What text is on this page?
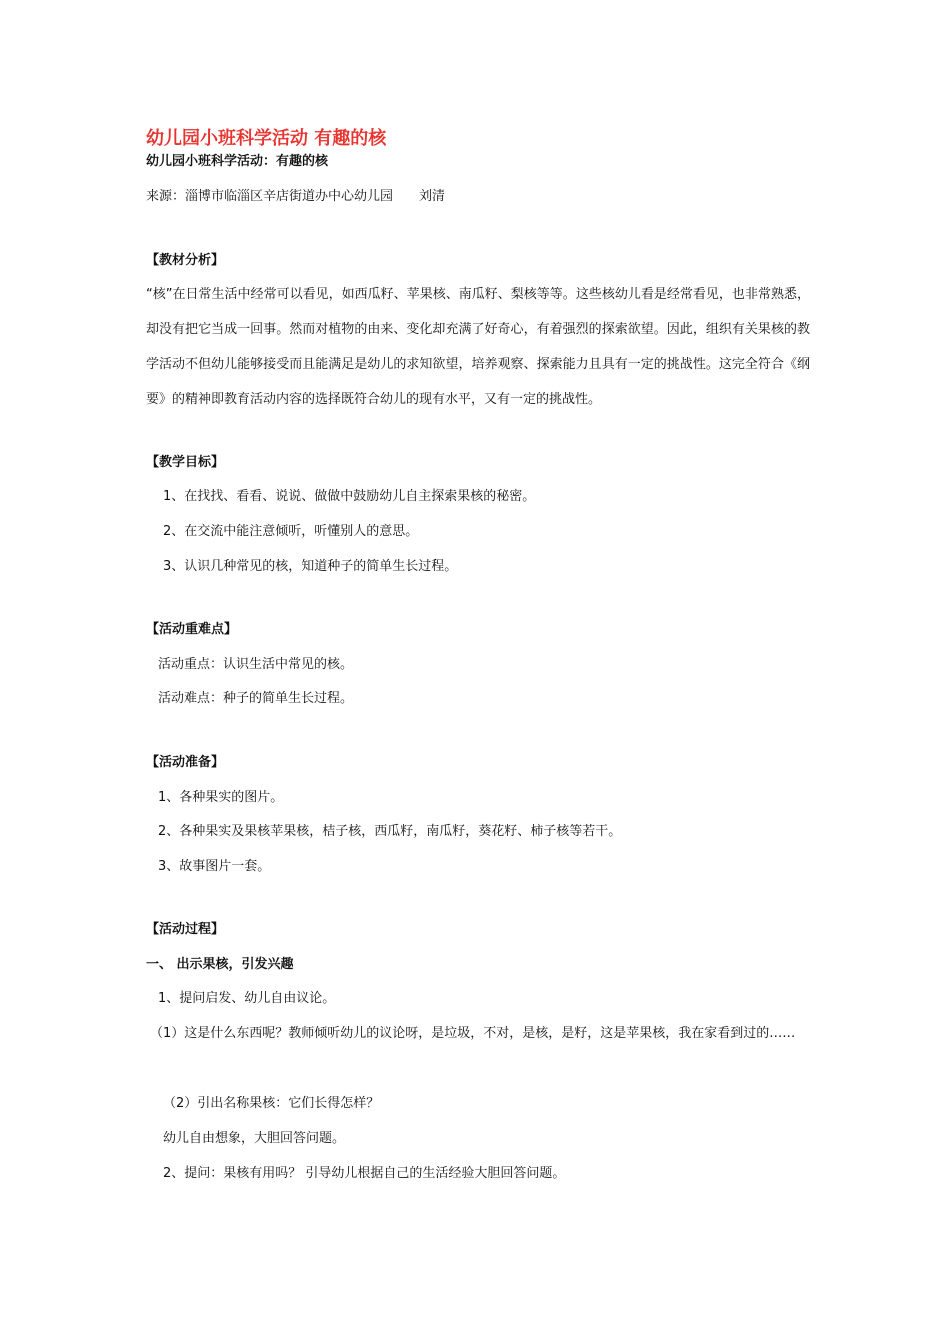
幼儿园小班科学活动 有趣的核
幼儿园小班科学活动：有趣的核
来源：淄博市临淄区辛店街道办中心幼儿园　　刘清
【教材分析】
“核”在日常生活中经常可以看见，如西瓜籽、苹果核、南瓜籽、梨核等等。这些核幼儿看是经常看见，也非常熟悉，却没有把它当成一回事。然而对植物的由来、变化却充满了好奇心，有着强烈的探索欲望。因此，组织有关果核的教学活动不但幼儿能够接受而且能满足是幼儿的求知欲望，培养观察、探索能力且具有一定的挑战性。这完全符合《纲要》的精神即教育活动内容的选择既符合幼儿的现有水平，又有一定的挑战性。
【教学目标】
1、在找找、看看、说说、做做中鼓励幼儿自主探索果核的秘密。
2、在交流中能注意倾听，听懂别人的意思。
3、认识几种常见的核，知道种子的简单生长过程。
【活动重难点】
活动重点：认识生活中常见的核。
活动难点：种子的简单生长过程。
【活动准备】
1、各种果实的图片。
2、各种果实及果核苹果核，桔子核，西瓜籽，南瓜籽，葵花籽、柿子核等若干。
3、故事图片一套。
【活动过程】
一、 出示果核，引发兴趣
1、提问启发、幼儿自由议论。
（1）这是什么东西呢？教师倾听幼儿的议论呀，是垃圾，不对，是核，是籽，这是苹果核，我在家看到过的……
（2）引出名称果核：它们长得怎样？
幼儿自由想象，大胆回答问题。
2、提问：果核有用吗？ 引导幼儿根据自己的生活经验大胆回答问题。
